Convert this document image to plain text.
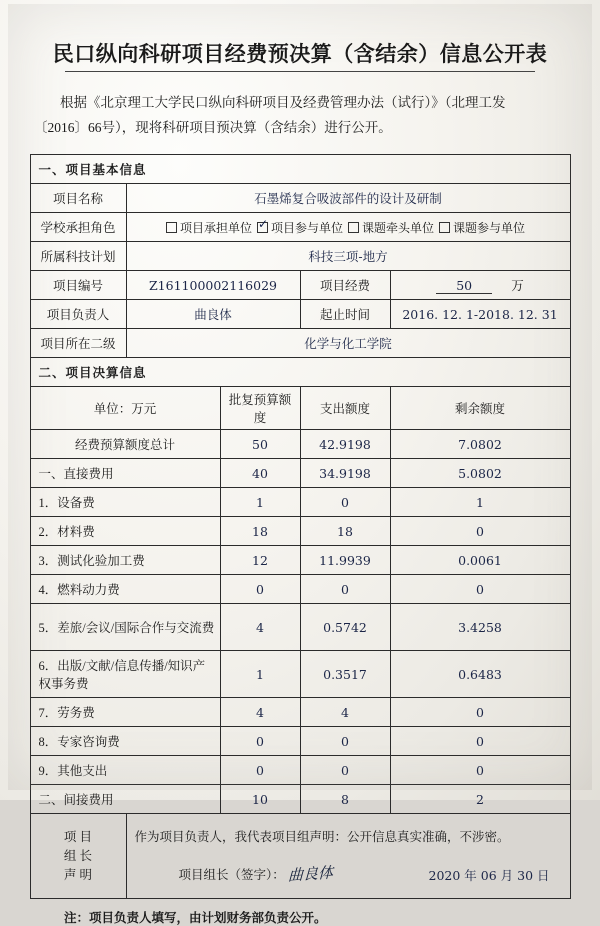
民口纵向科研项目经费预决算（含结余）信息公开表
根据《北京理工大学民口纵向科研项目及经费管理办法（试行）》（北理工发
〔2016〕66号），现将科研项目预决算（含结余）进行公开。
一、项目基本信息				
项目名称	石墨烯复合吸波部件的设计及研制			
学校承担角色	项目承担单位 ✓ 项目参与单位 课题牵头单位 课题参与单位
所属科技计划	科技三项-地方			
项目编号	Z161100002116029		项目经费	50 万
项目负责人	曲良体		起止时间	2016. 12. 1-2018. 12. 31
项目所在二级	化学与化工学院			
二、项目决算信息				
单位：万元		批复预算额度	支出额度	剩余额度
经费预算额度总计		50	42.9198	7.0802
一、直接费用		40	34.9198	5.0802
1．设备费		1	0	1
2．材料费		18	18	0
3．测试化验加工费		12	11.9939	0.0061
4．燃料动力费		0	0	0
5．差旅/会议/国际合作与交流费		4	0.5742	3.4258
6．出版/文献/信息传播/知识产权事务费		1	0.3517	0.6483
7．劳务费		4	4	0
8．专家咨询费		0	0	0
9．其他支出		0	0	0
二、间接费用		10	8	2

项 目
组 长
声 明

作为项目负责人，我代表项目组声明：公开信息真实准确，不涉密。
项目组长（签字）： 曲良体	2020 年 06 月 30 日
注：项目负责人填写，由计划财务部负责公开。
